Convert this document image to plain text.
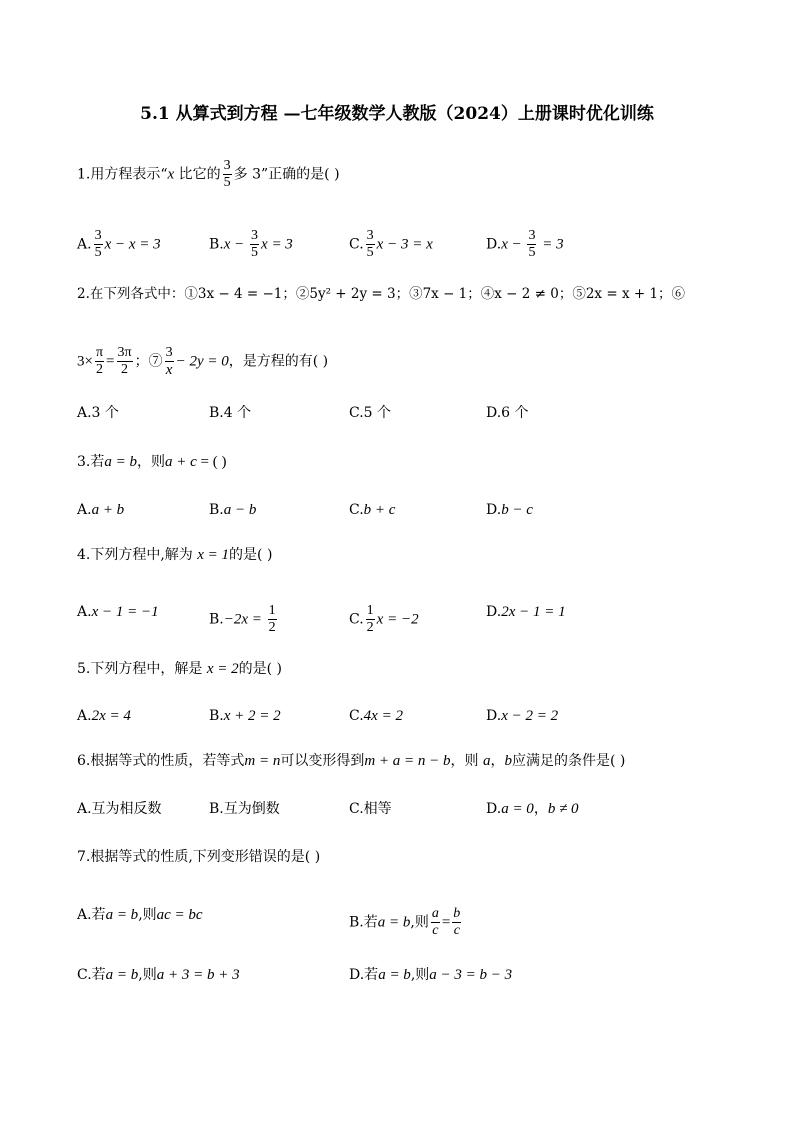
5.1 从算式到方程 —七年级数学人教版（2024）上册课时优化训练
1.用方程表示“x 比它的 $\frac{3}{5}$ 多 3”正确的是( )
A. $\frac{3}{5}$ x − x = 3	$B.x - \frac{3}{5}$ x = 3	C. $\frac{3}{5}$ x − 3 = x	$D.x - \frac{3}{5} = 3$
2.在下列各式中：①3x − 4 = −1；②5y² + 2y = 3；③7x − 1；④x − 2 ≠ 0；⑤2x = x + 1；⑥
$3\times \frac{\pi}{2} = \frac{3\pi}{2}$ ；⑦ $\frac{3}{x} - 2y = 0$，是方程的有( )
A.3 个	B.4 个	C.5 个	D.6 个
3.若a = b，则a + c = ( )
A.a + b	B.a − b	C.b + c	D.b − c
4.下列方程中,解为 x = 1的是( )
A.x − 1 = −1	$B.-2x = \frac{1}{2}$	C. $\frac{1}{2}$ x = −2	D.2x − 1 = 1
5.下列方程中，解是 x = 2的是( )
A.2x = 4	B.x + 2 = 2	C.4x = 2	D.x − 2 = 2
6.根据等式的性质，若等式m = n可以变形得到m + a = n − b，则 a，b应满足的条件是( )
A.互为相反数	B.互为倒数	C.相等	D.a = 0，b ≠ 0
7.根据等式的性质,下列变形错误的是( )
A.若a = b,则ac = bc	B.若a = b,则 $\frac{a}{c} = \frac{b}{c}$
C.若a = b,则a + 3 = b + 3	D.若a = b,则a − 3 = b − 3
